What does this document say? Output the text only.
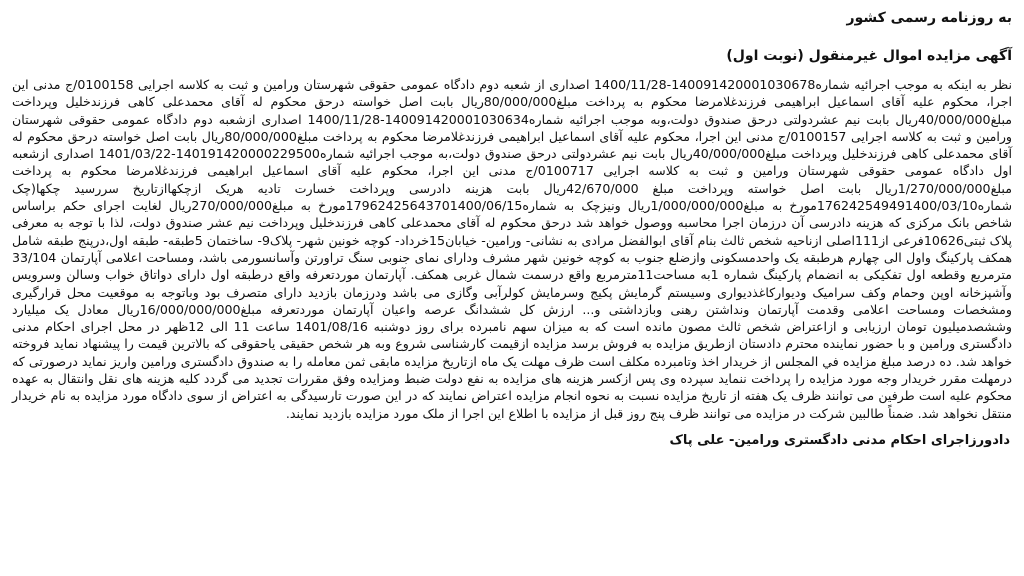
به روزنامه رسمی کشور
آگهی مزایده اموال غیرمنقول (نوبت اول)
نظر به اینکه به موجب اجرائیه شماره140091420001030678-1400/11/28 اصداری از شعبه دوم دادگاه عمومی حقوقی شهرستان ورامین و ثبت به کلاسه اجرایی 0100158/ج مدنی این اجرا، محکوم علیه آقای اسماعیل ابراهیمی فرزندغلامرضا محکوم به پرداخت مبلغ80/000/000ریال بابت اصل خواسته درحق محکوم له آقای محمدعلی کاهی فرزندخلیل وپرداخت مبلغ40/000/000ریال بابت نیم عشردولتی درحق صندوق دولت،وبه موجب اجرائیه شماره140091420001030634-1400/11/28 اصداری ازشعبه دوم دادگاه عمومی حقوقی شهرستان ورامین و ثبت به کلاسه اجرایی 0100157/ج مدنی این اجرا، محکوم علیه آقای اسماعیل ابراهیمی فرزندغلامرضا محکوم به پرداخت مبلغ80/000/000ریال بابت اصل خواسته درحق محکوم له آقای محمدعلی کاهی فرزندخلیل وپرداخت مبلغ40/000/000ریال بابت نیم عشردولتی درحق صندوق دولت،به موجب اجرائیه شماره140191420000229500-1401/03/22 اصداری ازشعبه اول دادگاه عمومی حقوقی شهرستان ورامین و ثبت به کلاسه اجرایی 0100717/ج مدنی این اجرا، محکوم علیه آقای اسماعیل ابراهیمی فرزندغلامرضا محکوم به پرداخت مبلغ1/270/000/000ریال بابت اصل خواسته وپرداخت مبلغ 42/670/000ریال بابت هزینه دادرسی وپرداخت خسارت تادیه هریک ازچکهاازتاریخ سررسید چکها(چک شماره176242549491400/03/10مورخ به مبلغ1/000/000/000ریال ونیزچک به شماره17962425643701400/06/15مورخ به مبلغ270/000/000ریال لغایت اجرای حکم براساس شاخص بانک مرکزی که هزینه دادرسی آن درزمان اجرا محاسبه ووصول خواهد شد درحق محکوم له آقای محمدعلی کاهی فرزندخلیل وپرداخت نیم عشر صندوق دولت، لذا با توجه به معرفی پلاک ثبتی10626فرعی از111اصلی ازناحیه شخص ثالث بنام آقای ابوالفضل مرادی به نشانی- ورامین- خیابان15خرداد- کوچه خونین شهر- پلاک9- ساختمان 5طبقه- طبقه اول،درپنج طبقه شامل همکف پارکینگ واول الی چهارم هرطبقه یک واحدمسکونی وازضلع جنوب به کوچه خونین شهر مشرف ودارای نمای جنوبی سنگ تراورتن وآسانسورمی باشد، ومساحت اعلامی آپارتمان 33/104 مترمربع وقطعه اول تفکیکی به انضمام پارکینگ شماره 1به مساحت11مترمربع واقع درسمت شمال غربی همکف. آپارتمان موردتعرفه واقع درطبقه اول دارای دواتاق خواب وسالن وسرویس وآشپزخانه اوپن وحمام وکف سرامیک ودیوارکاغذدیواری وسیستم گرمایش پکیج وسرمایش کولرآبی وگازی می باشد ودرزمان بازدید دارای متصرف بود وباتوجه به موقعیت محل قرارگیری ومشخصات ومساحت اعلامی وقدمت آپارتمان ونداشتن رهنی وبازداشتی و... ارزش کل ششدانگ عرصه واعیان آپارتمان موردتعرفه مبلغ16/000/000/000ریال معادل یک میلیارد وششصدمیلیون تومان ارزیابی و ازاعتراض شخص ثالث مصون مانده است که به میزان سهم نامبرده برای روز دوشنبه 1401/08/16 ساعت 11 الی 12ظهر در محل اجرای احکام مدنی دادگستری ورامین و با حضور نماینده محترم دادستان ازطریق مزایده به فروش برسد مزایده ازقیمت کارشناسی شروع وبه هر شخص حقیقی یاحقوقی که بالاترین قیمت را پیشنهاد نماید فروخته خواهد شد. ده درصد مبلغ مزایده في المجلس از خریدار اخذ وتامبرده مکلف است ظرف مهلت یک ماه ازتاریخ مزایده مابقی ثمن معامله را به صندوق دادگستری ورامین واریز نماید درصورتی که درمهلت مقرر خریدار وجه مورد مزایده را پرداخت ننماید سپرده وی پس ازکسر هزینه های مزایده به نفع دولت ضبط ومزایده وفق مقررات تجدید می گردد کلیه هزینه های نقل وانتقال به عهده محکوم علیه است طرفین می توانند ظرف یک هفته از تاریخ مزایده نسبت به نحوه انجام مزایده اعتراض نمایند که در این صورت تارسیدگی به اعتراض از سوی دادگاه مورد مزایده به نام خریدار منتقل نخواهد شد. ضمناً طالبین شرکت در مزایده می توانند ظرف پنج روز قبل از مزایده با اطلاع این اجرا از ملک مورد مزایده بازدید نمایند.
دادورزاجرای احکام مدنی دادگستری ورامین- علی پاک
